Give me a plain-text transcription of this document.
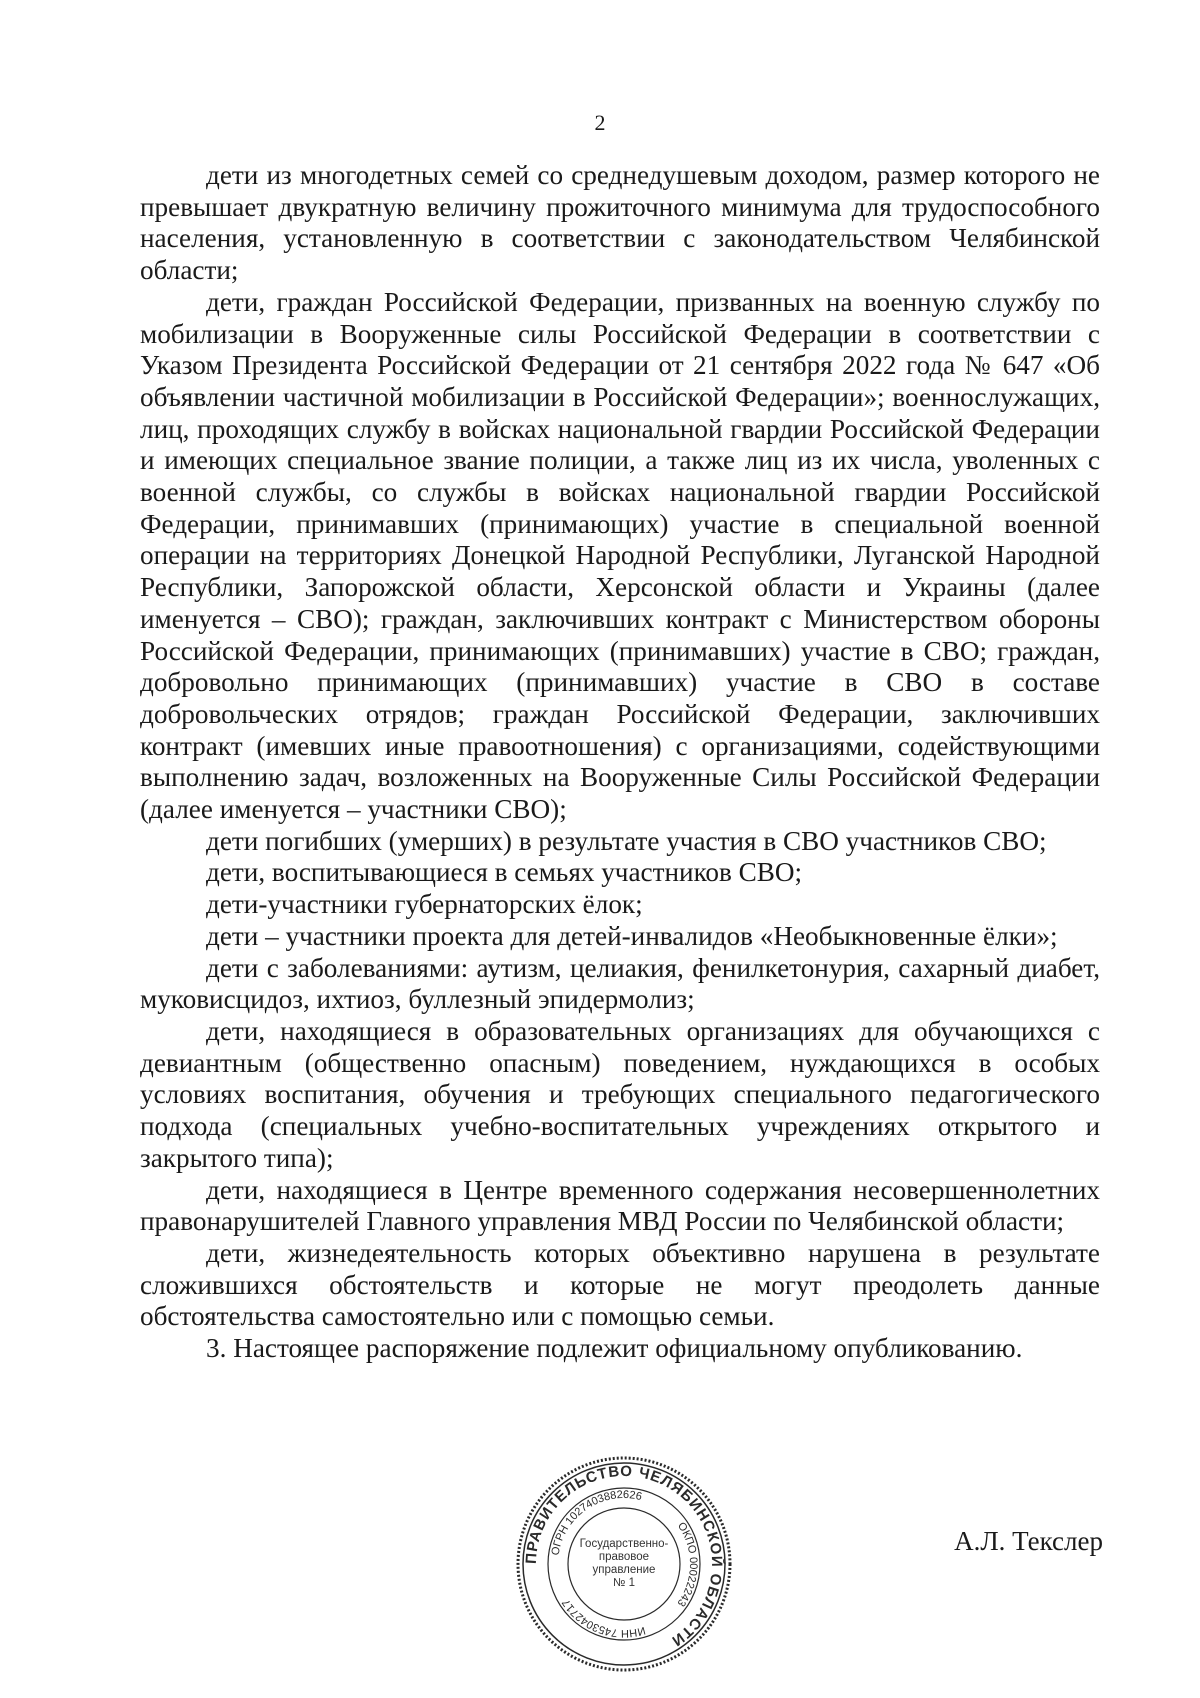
2

дети из многодетных семей со среднедушевым доходом, размер которого не превышает двукратную величину прожиточного минимума для трудоспособного населения, установленную в соответствии с законодательством Челябинской области;

дети, граждан Российской Федерации, призванных на военную службу по мобилизации в Вооруженные силы Российской Федерации в соответствии с Указом Президента Российской Федерации от 21 сентября 2022 года № 647 «Об объявлении частичной мобилизации в Российской Федерации»; военнослужащих, лиц, проходящих службу в войсках национальной гвардии Российской Федерации и имеющих специальное звание полиции, а также лиц из их числа, уволенных с военной службы, со службы в войсках национальной гвардии Российской Федерации, принимавших (принимающих) участие в специальной военной операции на территориях Донецкой Народной Республики, Луганской Народной Республики, Запорожской области, Херсонской области и Украины (далее именуется – СВО); граждан, заключивших контракт с Министерством обороны Российской Федерации, принимающих (принимавших) участие в СВО; граждан, добровольно принимающих (принимавших) участие в СВО в составе добровольческих отрядов; граждан Российской Федерации, заключивших контракт (имевших иные правоотношения) с организациями, содействующими выполнению задач, возложенных на Вооруженные Силы Российской Федерации (далее именуется – участники СВО);

дети погибших (умерших) в результате участия в СВО участников СВО;

дети, воспитывающиеся в семьях участников СВО;

дети-участники губернаторских ёлок;

дети – участники проекта для детей-инвалидов «Необыкновенные ёлки»;

дети с заболеваниями: аутизм, целиакия, фенилкетонурия, сахарный диабет, муковисцидоз, ихтиоз, буллезный эпидермолиз;

дети, находящиеся в образовательных организациях для обучающихся с девиантным (общественно опасным) поведением, нуждающихся в особых условиях воспитания, обучения и требующих специального педагогического подхода (специальных учебно-воспитательных учреждениях открытого и закрытого типа);

дети, находящиеся в Центре временного содержания несовершеннолетних правонарушителей Главного управления МВД России по Челябинской области;

дети, жизнедеятельность которых объективно нарушена в результате сложившихся обстоятельств и которые не могут преодолеть данные обстоятельства самостоятельно или с помощью семьи.

3. Настоящее распоряжение подлежит официальному опубликованию.

ПРАВИТЕЛЬСТВО ЧЕЛЯБИНСКОЙ ОБЛАСТИ
ОГРН 1027403882626
ОКПО 00022243
ИНН 7453042717
Государственно-
правовое
управление
№ 1
А.Л. Текслер
